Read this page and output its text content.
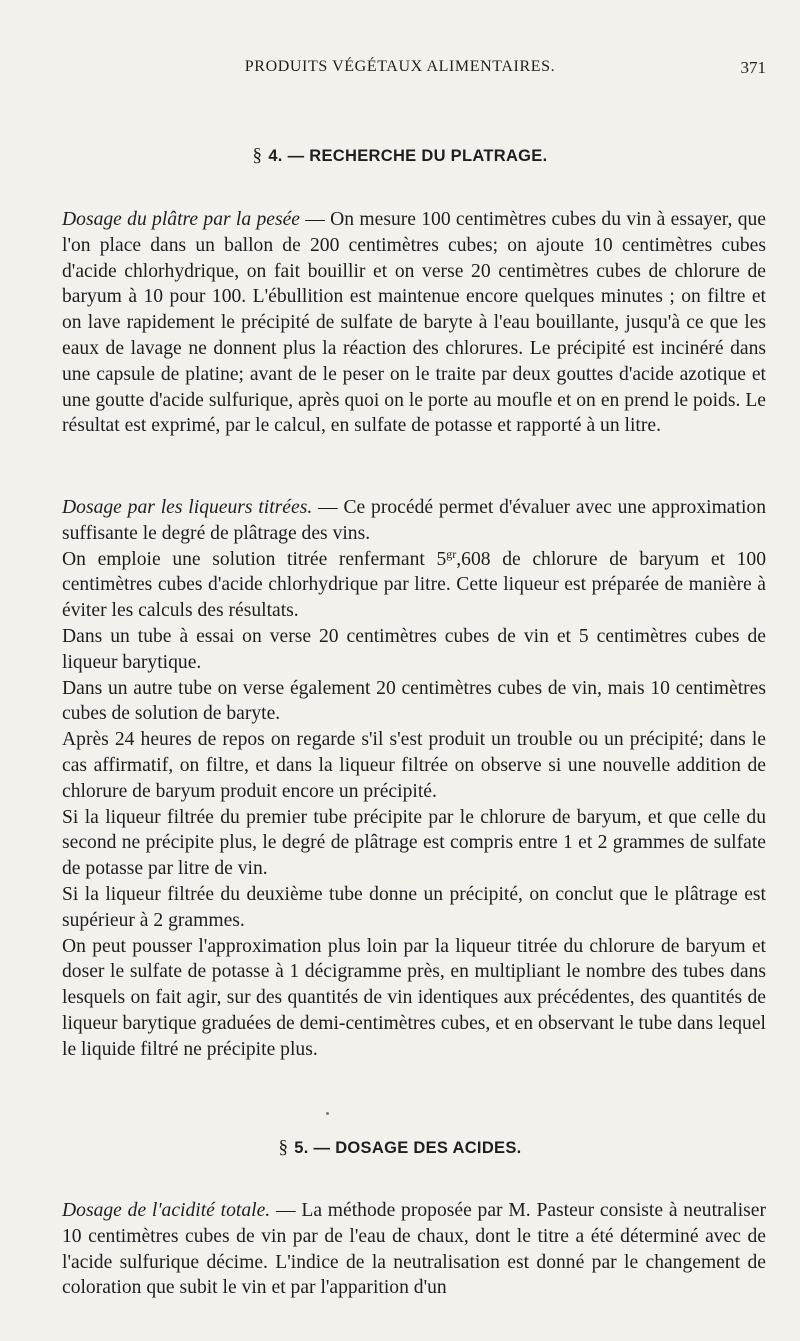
PRODUITS VÉGÉTAUX ALIMENTAIRES.	371
§ 4. — RECHERCHE DU PLATRAGE.

Dosage du plâtre par la pesée — On mesure 100 centimètres cubes du vin à essayer, que l'on place dans un ballon de 200 centimètres cubes; on ajoute 10 centimètres cubes d'acide chlorhydrique, on fait bouillir et on verse 20 centimètres cubes de chlorure de baryum à 10 pour 100. L'ébullition est maintenue encore quelques minutes ; on filtre et on lave rapidement le précipité de sulfate de baryte à l'eau bouillante, jusqu'à ce que les eaux de lavage ne donnent plus la réaction des chlorures. Le précipité est incinéré dans une capsule de platine; avant de le peser on le traite par deux gouttes d'acide azotique et une goutte d'acide sulfurique, après quoi on le porte au moufle et on en prend le poids. Le résultat est exprimé, par le calcul, en sulfate de potasse et rapporté à un litre.

Dosage par les liqueurs titrées. — Ce procédé permet d'évaluer avec une approximation suffisante le degré de plâtrage des vins.

On emploie une solution titrée renfermant $5^{gr},608$ de chlorure de baryum et 100 centimètres cubes d'acide chlorhydrique par litre. Cette liqueur est préparée de manière à éviter les calculs des résultats.

Dans un tube à essai on verse 20 centimètres cubes de vin et 5 centimètres cubes de liqueur barytique.

Dans un autre tube on verse également 20 centimètres cubes de vin, mais 10 centimètres cubes de solution de baryte.

Après 24 heures de repos on regarde s'il s'est produit un trouble ou un précipité; dans le cas affirmatif, on filtre, et dans la liqueur filtrée on observe si une nouvelle addition de chlorure de baryum produit encore un précipité.

Si la liqueur filtrée du premier tube précipite par le chlorure de baryum, et que celle du second ne précipite plus, le degré de plâtrage est compris entre 1 et 2 grammes de sulfate de potasse par litre de vin.

Si la liqueur filtrée du deuxième tube donne un précipité, on conclut que le plâtrage est supérieur à 2 grammes.

On peut pousser l'approximation plus loin par la liqueur titrée du chlorure de baryum et doser le sulfate de potasse à 1 décigramme près, en multipliant le nombre des tubes dans lesquels on fait agir, sur des quantités de vin identiques aux précédentes, des quantités de liqueur barytique graduées de demi-centimètres cubes, et en observant le tube dans lequel le liquide filtré ne précipite plus.

§ 5. — DOSAGE DES ACIDES.

Dosage de l'acidité totale. — La méthode proposée par M. Pasteur consiste à neutraliser 10 centimètres cubes de vin par de l'eau de chaux, dont le titre a été déterminé avec de l'acide sulfurique décime. L'indice de la neutralisation est donné par le changement de coloration que subit le vin et par l'apparition d'un
